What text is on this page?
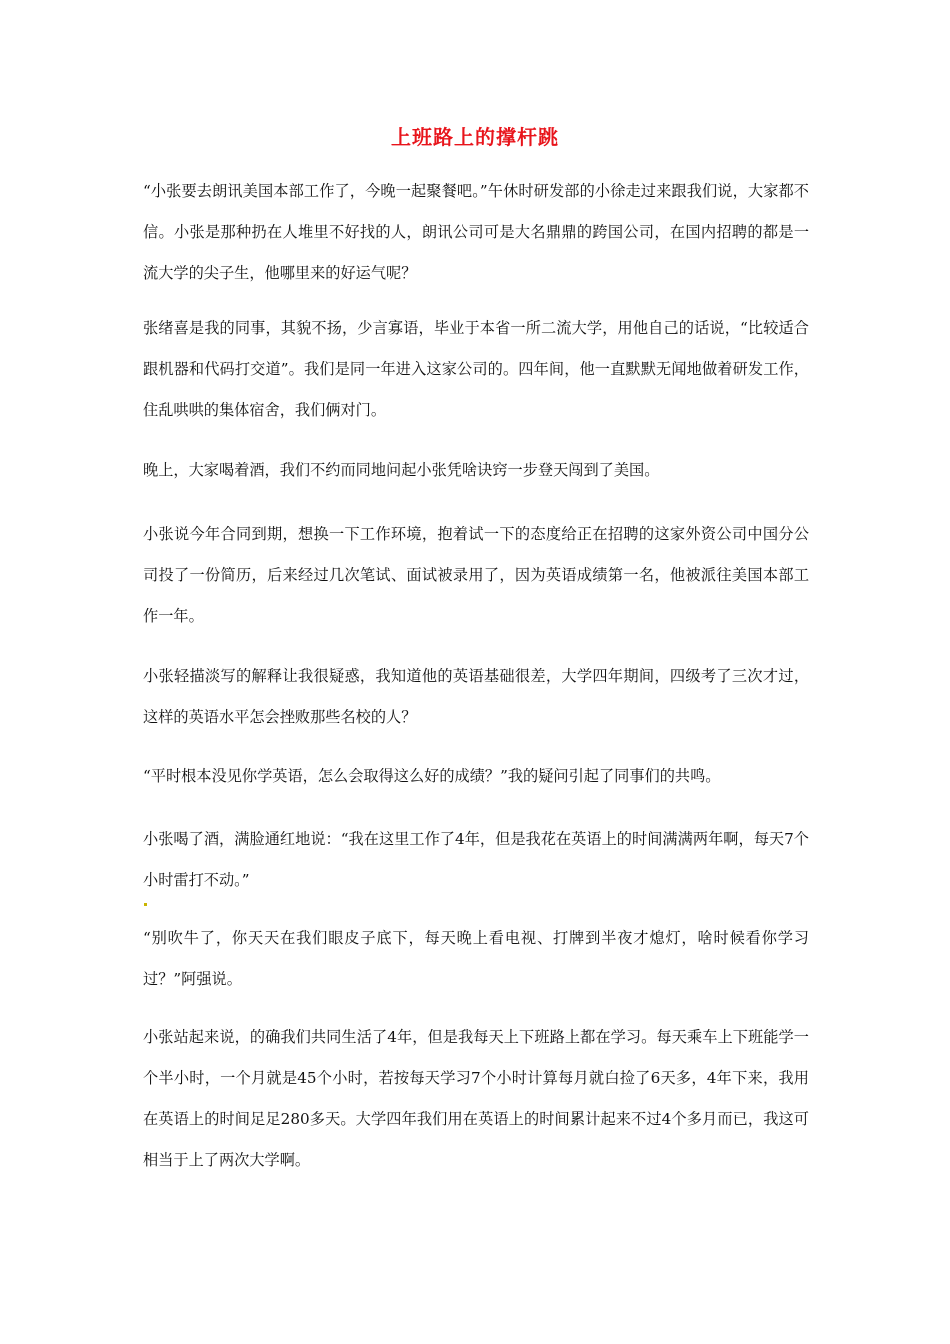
上班路上的撑杆跳

“小张要去朗讯美国本部工作了，今晚一起聚餐吧。”午休时研发部的小徐走过来跟我们说，大家都不信。小张是那种扔在人堆里不好找的人，朗讯公司可是大名鼎鼎的跨国公司，在国内招聘的都是一流大学的尖子生，他哪里来的好运气呢？

张绪喜是我的同事，其貌不扬，少言寡语，毕业于本省一所二流大学，用他自己的话说，“比较适合跟机器和代码打交道”。我们是同一年进入这家公司的。四年间，他一直默默无闻地做着研发工作，住乱哄哄的集体宿舍，我们俩对门。

晚上，大家喝着酒，我们不约而同地问起小张凭啥诀窍一步登天闯到了美国。

小张说今年合同到期，想换一下工作环境，抱着试一下的态度给正在招聘的这家外资公司中国分公司投了一份简历，后来经过几次笔试、面试被录用了，因为英语成绩第一名，他被派往美国本部工作一年。

小张轻描淡写的解释让我很疑惑，我知道他的英语基础很差，大学四年期间，四级考了三次才过，这样的英语水平怎会挫败那些名校的人？

“平时根本没见你学英语，怎么会取得这么好的成绩？”我的疑问引起了同事们的共鸣。

小张喝了酒，满脸通红地说：“我在这里工作了4年，但是我花在英语上的时间满满两年啊，每天7个小时雷打不动。”

“别吹牛了，你天天在我们眼皮子底下，每天晚上看电视、打牌到半夜才熄灯，啥时候看你学习过？”阿强说。

小张站起来说，的确我们共同生活了4年，但是我每天上下班路上都在学习。每天乘车上下班能学一个半小时，一个月就是45个小时，若按每天学习7个小时计算每月就白捡了6天多，4年下来，我用在英语上的时间足足280多天。大学四年我们用在英语上的时间累计起来不过4个多月而已，我这可相当于上了两次大学啊。
